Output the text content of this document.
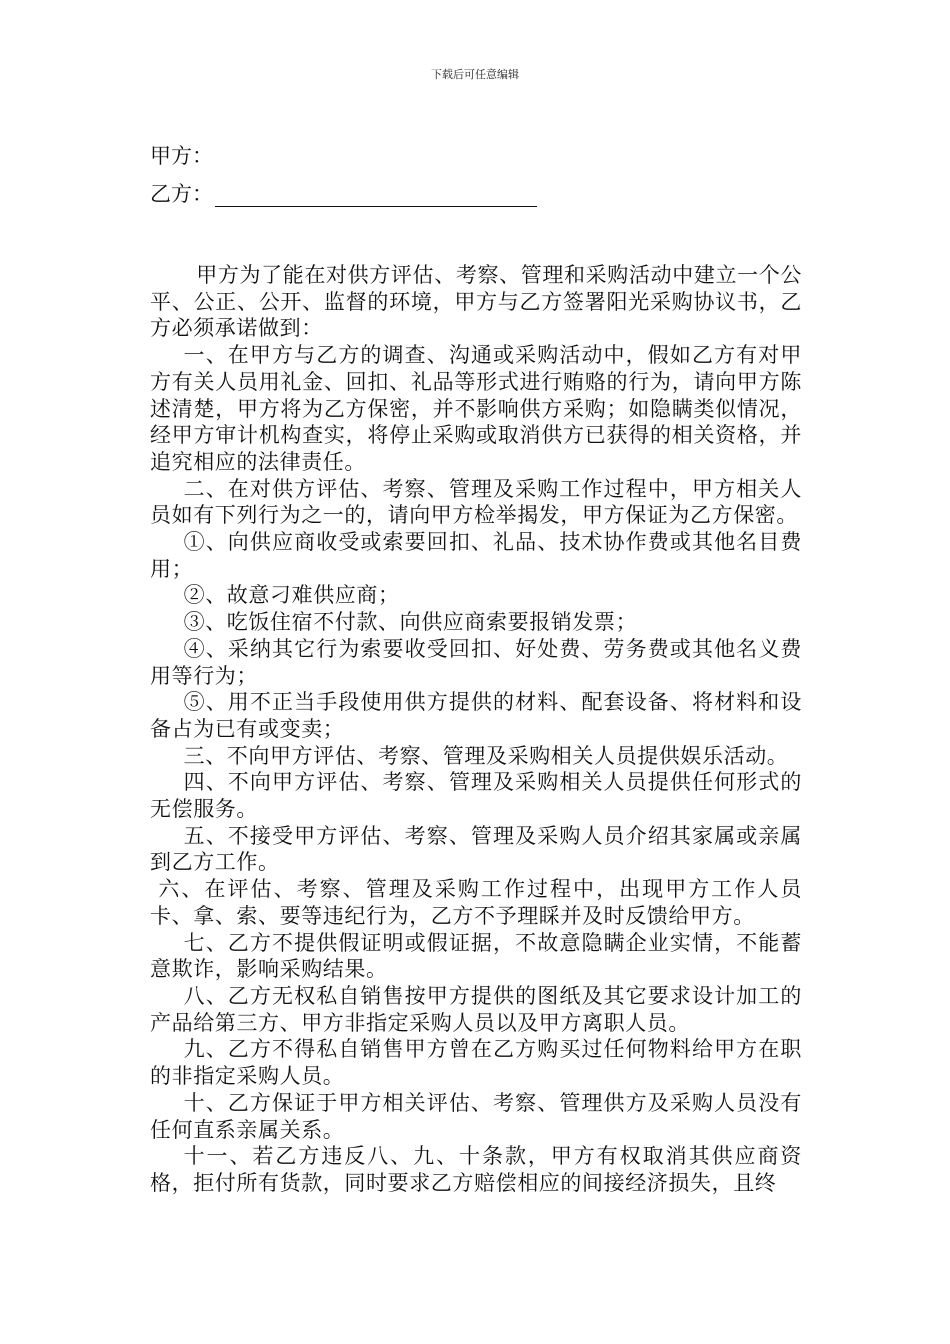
下载后可任意编辑
甲方：
乙方：

甲方为了能在对供方评估、考察、管理和采购活动中建立一个公平、公正、公开、监督的环境，甲方与乙方签署阳光采购协议书，乙方必须承诺做到：

一、在甲方与乙方的调查、沟通或采购活动中，假如乙方有对甲方有关人员用礼金、回扣、礼品等形式进行贿赂的行为，请向甲方陈述清楚，甲方将为乙方保密，并不影响供方采购；如隐瞒类似情况，经甲方审计机构查实，将停止采购或取消供方已获得的相关资格，并追究相应的法律责任。

二、在对供方评估、考察、管理及采购工作过程中，甲方相关人员如有下列行为之一的，请向甲方检举揭发，甲方保证为乙方保密。

①、向供应商收受或索要回扣、礼品、技术协作费或其他名目费用；

②、故意刁难供应商；

③、吃饭住宿不付款、向供应商索要报销发票；

④、采纳其它行为索要收受回扣、好处费、劳务费或其他名义费用等行为；

⑤、用不正当手段使用供方提供的材料、配套设备、将材料和设备占为已有或变卖；

三、不向甲方评估、考察、管理及采购相关人员提供娱乐活动。

四、不向甲方评估、考察、管理及采购相关人员提供任何形式的无偿服务。

五、不接受甲方评估、考察、管理及采购人员介绍其家属或亲属到乙方工作。

六、在评估、考察、管理及采购工作过程中，出现甲方工作人员卡、拿、索、要等违纪行为，乙方不予理睬并及时反馈给甲方。

七、乙方不提供假证明或假证据，不故意隐瞒企业实情，不能蓄意欺诈，影响采购结果。

八、乙方无权私自销售按甲方提供的图纸及其它要求设计加工的产品给第三方、甲方非指定采购人员以及甲方离职人员。

九、乙方不得私自销售甲方曾在乙方购买过任何物料给甲方在职的非指定采购人员。

十、乙方保证于甲方相关评估、考察、管理供方及采购人员没有任何直系亲属关系。

十一、若乙方违反八、九、十条款，甲方有权取消其供应商资格，拒付所有货款，同时要求乙方赔偿相应的间接经济损失，且终
